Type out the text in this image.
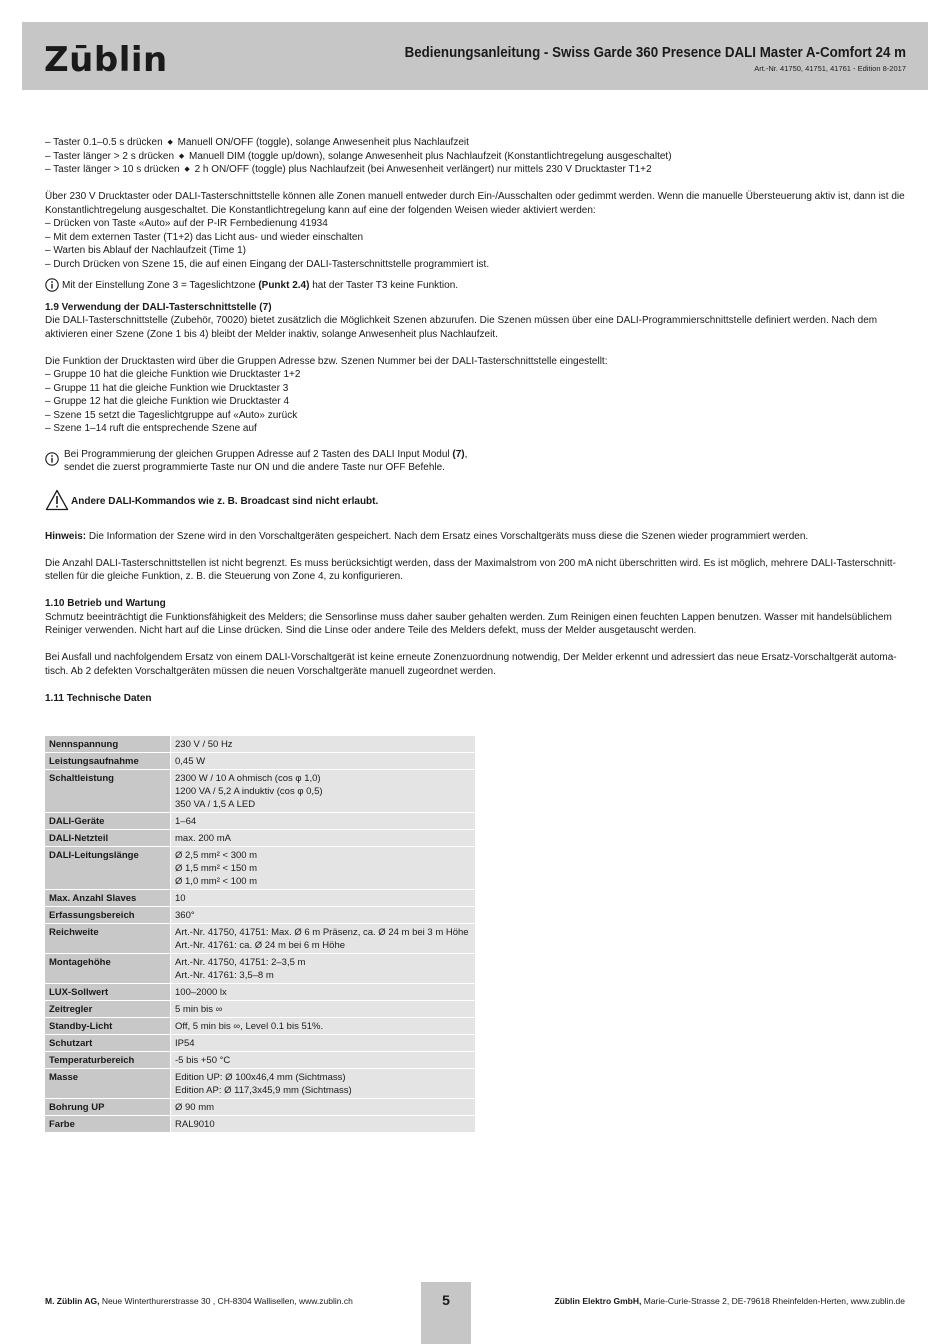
Zūblin	Bedienungsanleitung - Swiss Garde 360 Presence DALI Master A-Comfort 24 m
Art.-Nr. 41750, 41751, 41761 - Edition 8-2017
– Taster 0.1–0.5 s drücken ◆ Manuell ON/OFF (toggle), solange Anwesenheit plus Nachlaufzeit
– Taster länger > 2 s drücken ◆ Manuell DIM (toggle up/down), solange Anwesenheit plus Nachlaufzeit (Konstantlichtregelung ausgeschaltet)
– Taster länger > 10 s drücken ◆ 2 h ON/OFF (toggle) plus Nachlaufzeit (bei Anwesenheit verlängert) nur mittels 230 V Drucktaster T1+2
Über 230 V Drucktaster oder DALI-Tasterschnittstelle können alle Zonen manuell entweder durch Ein-/Ausschalten oder gedimmt werden. Wenn die manuelle Übersteuerung aktiv ist, dann ist die
Konstantlichtregelung ausgeschaltet. Die Konstantlichtregelung kann auf eine der folgenden Weisen wieder aktiviert werden:
– Drücken von Taste «Auto» auf der P-IR Fernbedienung 41934
– Mit dem externen Taster (T1+2) das Licht aus- und wieder einschalten
– Warten bis Ablauf der Nachlaufzeit (Time 1)
– Durch Drücken von Szene 15, die auf einen Eingang der DALI-Tasterschnittstelle programmiert ist.
Mit der Einstellung Zone 3 = Tageslichtzone (Punkt 2.4) hat der Taster T3 keine Funktion.
1.9 Verwendung der DALI-Tasterschnittstelle (7)
Die DALI-Tasterschnittstelle (Zubehör, 70020) bietet zusätzlich die Möglichkeit Szenen abzurufen. Die Szenen müssen über eine DALI-Programmierschnittstelle definiert werden. Nach dem
aktivieren einer Szene (Zone 1 bis 4) bleibt der Melder inaktiv, solange Anwesenheit plus Nachlaufzeit.
Die Funktion der Drucktasten wird über die Gruppen Adresse bzw. Szenen Nummer bei der DALI-Tasterschnittstelle eingestellt:
– Gruppe 10 hat die gleiche Funktion wie Drucktaster 1+2
– Gruppe 11 hat die gleiche Funktion wie Drucktaster 3
– Gruppe 12 hat die gleiche Funktion wie Drucktaster 4
– Szene 15 setzt die Tageslichtgruppe auf «Auto» zurück
– Szene 1–14 ruft die entsprechende Szene auf
Bei Programmierung der gleichen Gruppen Adresse auf 2 Tasten des DALI Input Modul (7),
sendet die zuerst programmierte Taste nur ON und die andere Taste nur OFF Befehle.
Andere DALI-Kommandos wie z. B. Broadcast sind nicht erlaubt.
Hinweis: Die Information der Szene wird in den Vorschaltgeräten gespeichert. Nach dem Ersatz eines Vorschaltgeräts muss diese die Szenen wieder programmiert werden.
Die Anzahl DALI-Tasterschnittstellen ist nicht begrenzt. Es muss berücksichtigt werden, dass der Maximalstrom von 200 mA nicht überschritten wird. Es ist möglich, mehrere DALI-Tasterschnitt-
stellen für die gleiche Funktion, z. B. die Steuerung von Zone 4, zu konfigurieren.
1.10 Betrieb und Wartung
Schmutz beeinträchtigt die Funktionsfähigkeit des Melders; die Sensorlinse muss daher sauber gehalten werden. Zum Reinigen einen feuchten Lappen benutzen. Wasser mit handelsüblichem
Reiniger verwenden. Nicht hart auf die Linse drücken. Sind die Linse oder andere Teile des Melders defekt, muss der Melder ausgetauscht werden.
Bei Ausfall und nachfolgendem Ersatz von einem DALI-Vorschaltgerät ist keine erneute Zonenzuordnung notwendig, Der Melder erkennt und adressiert das neue Ersatz-Vorschaltgerät automa-
tisch. Ab 2 defekten Vorschaltgeräten müssen die neuen Vorschaltgeräte manuell zugeordnet werden.
1.11 Technische Daten
Nennspannung	230 V / 50 Hz

Leistungsaufnahme	0,45 W

Schaltleistung	2300 W / 10 A ohmisch (cos φ 1,0)
1200 VA / 5,2 A induktiv (cos φ 0,5)
350 VA / 1,5 A LED

DALI-Geräte	1–64

DALI-Netzteil	max. 200 mA

DALI-Leitungslänge	Ø 2,5 mm² < 300 m
Ø 1,5 mm² < 150 m
Ø 1,0 mm² < 100 m

Max. Anzahl Slaves	10

Erfassungsbereich	360°

Reichweite	Art.-Nr. 41750, 41751: Max. Ø 6 m Präsenz, ca. Ø 24 m bei 3 m Höhe
Art.-Nr. 41761: ca. Ø 24 m bei 6 m Höhe

Montagehöhe	Art.-Nr. 41750, 41751: 2–3,5 m
Art.-Nr. 41761: 3,5–8 m

LUX-Sollwert	100–2000 lx

Zeitregler	5 min bis ∞

Standby-Licht	Off, 5 min bis ∞, Level 0.1 bis 51%.

Schutzart	IP54

Temperaturbereich	-5 bis +50 °C

Masse	Edition UP: Ø 100x46,4 mm (Sichtmass)
Edition AP: Ø 117,3x45,9 mm (Sichtmass)

Bohrung UP	Ø 90 mm

Farbe	RAL9010
M. Züblin AG, Neue Winterthurerstrasse 30 , CH-8304 Wallisellen, www.zublin.ch	5	Züblin Elektro GmbH, Marie-Curie-Strasse 2, DE-79618 Rheinfelden-Herten, www.zublin.de
